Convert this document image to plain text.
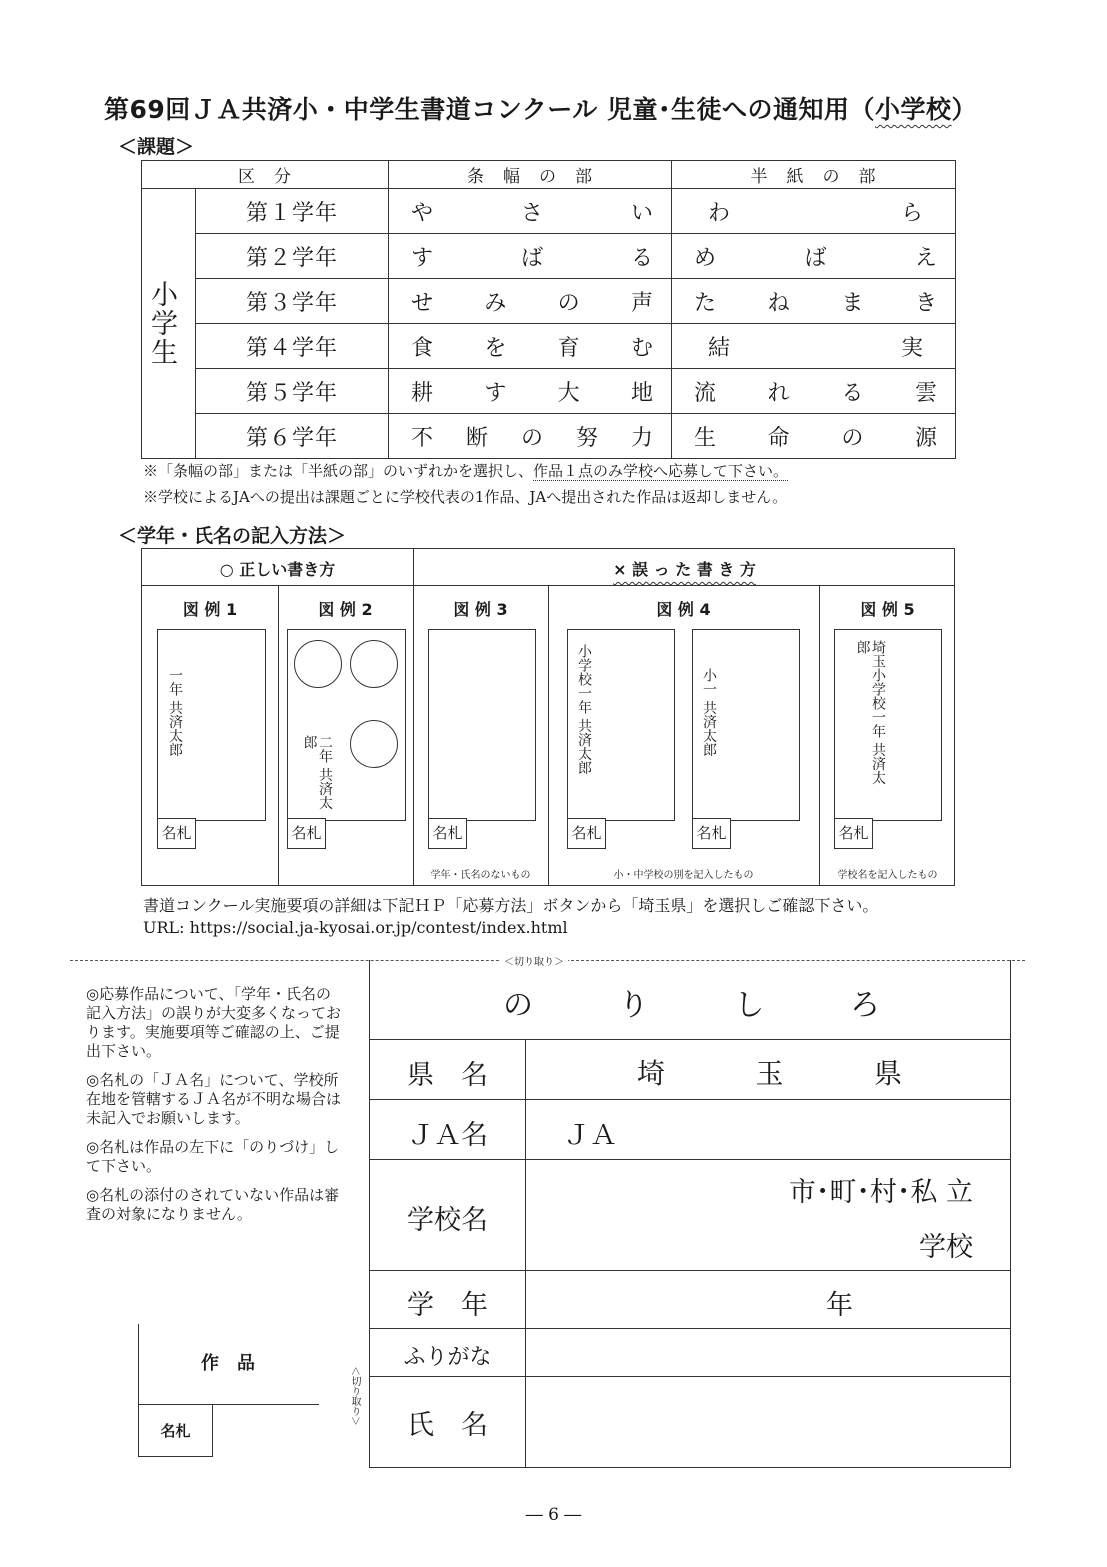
第69回ＪＡ共済小・中学生書道コンクール 児童･生徒への通知用（小学校）
＜課題＞
区　分		条　幅　の　部	半　紙　の　部

小学生	第１学年	や さ い	わ ら

	第２学年	す ば る	め ば え

	第３学年	せ み の 声	た ね ま き

	第４学年	食 を 育 む	結 実

	第５学年	耕 す 大 地	流 れ る 雲

	第６学年	不 断 の 努 力	生 命 の 源
※「条幅の部」または「半紙の部」のいずれかを選択し、作品１点のみ学校へ応募して下さい。
※学校によるJAへの提出は課題ごとに学校代表の1作品、JAへ提出された作品は返却しません。
＜学年・氏名の記入方法＞
○ 正しい書き方	× 誤 っ た 書 き 方
図 例 1
一年 共済太郎
名札
図 例 2
二年 共済太郎
名札
図 例 3
名札
学年・氏名のないもの
図 例 4
小学校一年 共済太郎
名札
小一 共済太郎
名札
小・中学校の別を記入したもの
図 例 5
埼玉小学校一年 共済太郎
名札
学校名を記入したもの
書道コンクール実施要項の詳細は下記ＨＰ「応募方法」ボタンから「埼玉県」を選択しご確認下さい。
URL: https://social.ja-kyosai.or.jp/contest/index.html
＜切り取り＞

◎応募作品について、「学年・氏名の記入方法」の誤りが大変多くなっております。実施要項等ご確認の上、ご提出下さい。

◎名札の「ＪＡ名」について、学校所在地を管轄するＪＡ名が不明な場合は未記入でお願いします。

◎名札は作品の左下に「のりづけ」して下さい。

◎名札の添付のされていない作品は審査の対象になりません。

作　品
名札
＜切り取り＞
の	り	し	ろ
県　名	埼	玉	県
ＪＡ名	ＪＡ
学校名
市･町･村･私 立
学校
学　年	年
ふりがな
氏　名
― 6 ―
